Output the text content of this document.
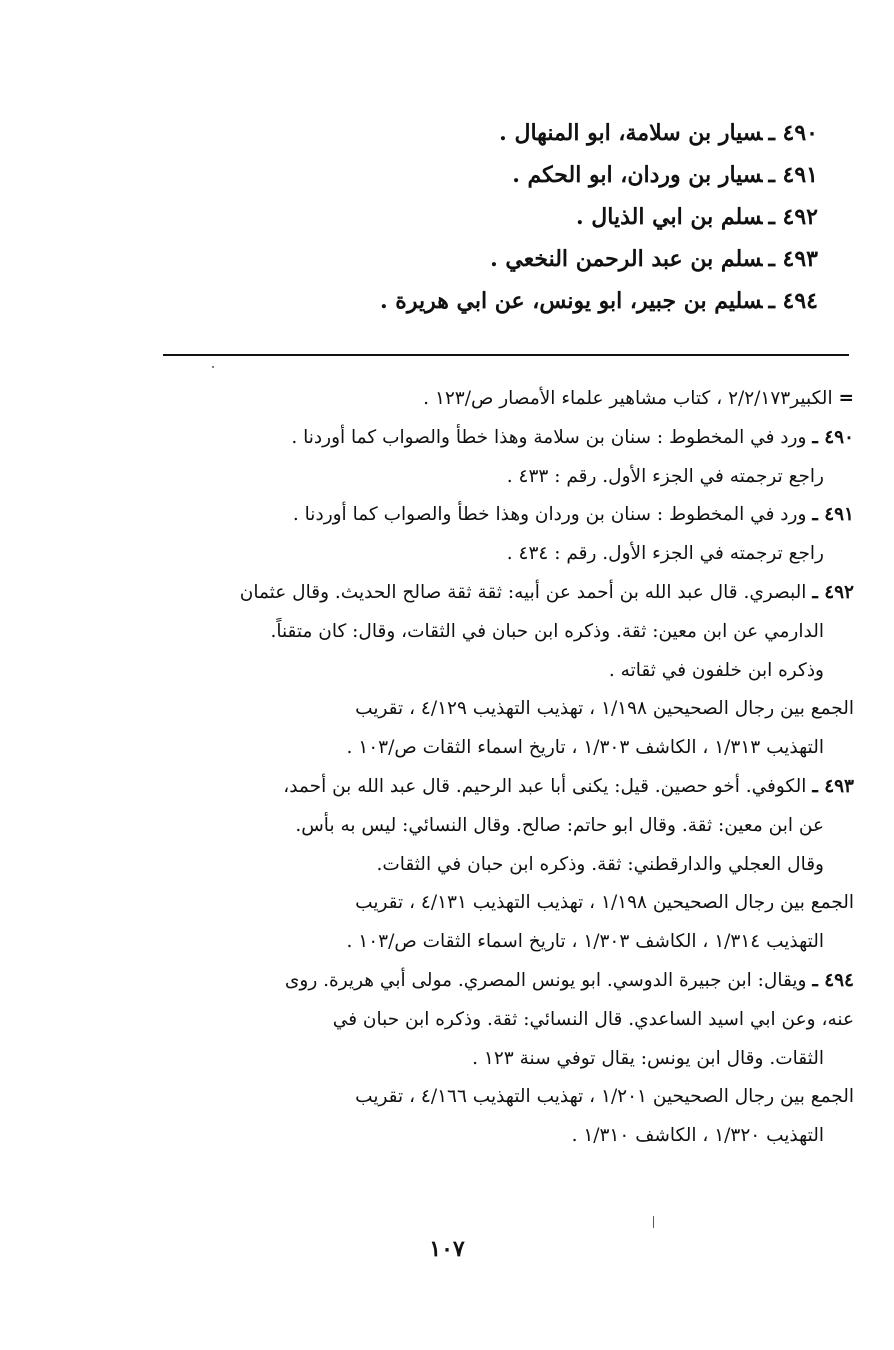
٤٩٠ ـسيار بن سلامة، ابو المنهال .
٤٩١ ـسيار بن وردان، ابو الحكم .
٤٩٢ ـسلم بن ابي الذيال .
٤٩٣ ـسلم بن عبد الرحمن النخعي .
٤٩٤ ـسليم بن جبير، ابو يونس، عن ابي هريرة .
= الكبير٢/٢/١٧٣ ، كتاب مشاهير علماء الأمصار ص/١٢٣ .
٤٩٠ ـ ورد في المخطوط : سنان بن سلامة وهذا خطأ والصواب كما أوردنا .
راجع ترجمته في الجزء الأول. رقم : ٤٣٣ .
٤٩١ ـ ورد في المخطوط : سنان بن وردان وهذا خطأ والصواب كما أوردنا .
راجع ترجمته في الجزء الأول. رقم : ٤٣٤ .
٤٩٢ ـ البصري. قال عبد الله بن أحمد عن أبيه: ثقة ثقة صالح الحديث. وقال عثمان
الدارمي عن ابن معين: ثقة. وذكره ابن حبان في الثقات، وقال: كان متقناً.
وذكره ابن خلفون في ثقاته .
الجمع بين رجال الصحيحين ١/١٩٨ ، تهذيب التهذيب ٤/١٢٩ ، تقريب
التهذيب ١/٣١٣ ، الكاشف ١/٣٠٣ ، تاريخ اسماء الثقات ص/١٠٣ .
٤٩٣ ـ الكوفي. أخو حصين. قيل: يكنى أبا عبد الرحيم. قال عبد الله بن أحمد،
عن ابن معين: ثقة. وقال ابو حاتم: صالح. وقال النسائي: ليس به بأس.
وقال العجلي والدارقطني: ثقة. وذكره ابن حبان في الثقات.
الجمع بين رجال الصحيحين ١/١٩٨ ، تهذيب التهذيب ٤/١٣١ ، تقريب
التهذيب ١/٣١٤ ، الكاشف ١/٣٠٣ ، تاريخ اسماء الثقات ص/١٠٣ .
٤٩٤ ـ ويقال: ابن جبيرة الدوسي. ابو يونس المصري. مولى أبي هريرة. روى
عنه، وعن ابي اسيد الساعدي. قال النسائي: ثقة. وذكره ابن حبان في
الثقات. وقال ابن يونس: يقال توفي سنة ١٢٣ .
الجمع بين رجال الصحيحين ١/٢٠١ ، تهذيب التهذيب ٤/١٦٦ ، تقريب
التهذيب ١/٣٢٠ ، الكاشف ١/٣١٠ .
١٠٧
